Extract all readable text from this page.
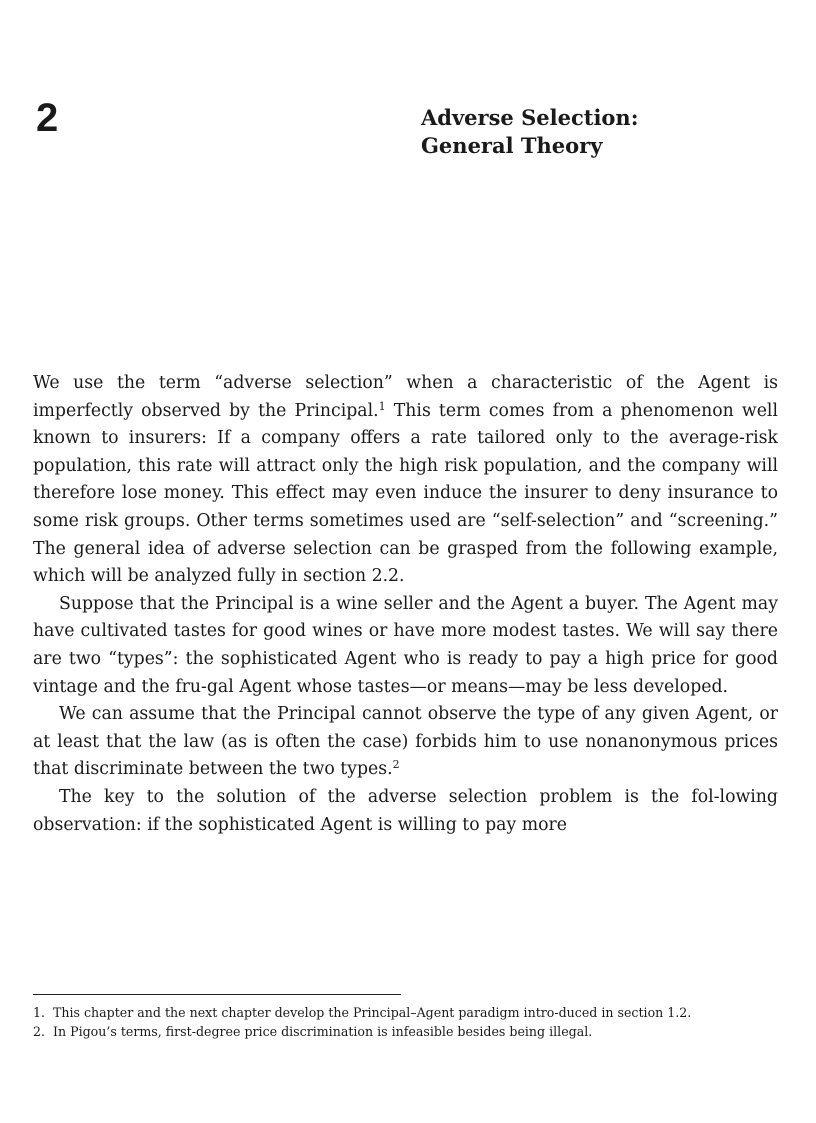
2	Adverse Selection:
General Theory

We use the term “adverse selection” when a characteristic of the Agent is imperfectly observed by the Principal.$^1$ This term comes from a phenomenon well known to insurers: If a company offers a rate tailored only to the average-risk population, this rate will attract only the high risk population, and the company will therefore lose money. This effect may even induce the insurer to deny insurance to some risk groups. Other terms sometimes used are “self-selection” and “screening.” The general idea of adverse selection can be grasped from the following example, which will be analyzed fully in section 2.2.

Suppose that the Principal is a wine seller and the Agent a buyer. The Agent may have cultivated tastes for good wines or have more modest tastes. We will say there are two “types”: the sophisticated Agent who is ready to pay a high price for good vintage and the fru-gal Agent whose tastes—or means—may be less developed.

We can assume that the Principal cannot observe the type of any given Agent, or at least that the law (as is often the case) forbids him to use nonanonymous prices that discriminate between the two types.$^2$

The key to the solution of the adverse selection problem is the fol-lowing observation: if the sophisticated Agent is willing to pay more

1. This chapter and the next chapter develop the Principal–Agent paradigm intro-duced in section 1.2.

2. In Pigou’s terms, first-degree price discrimination is infeasible besides being illegal.
